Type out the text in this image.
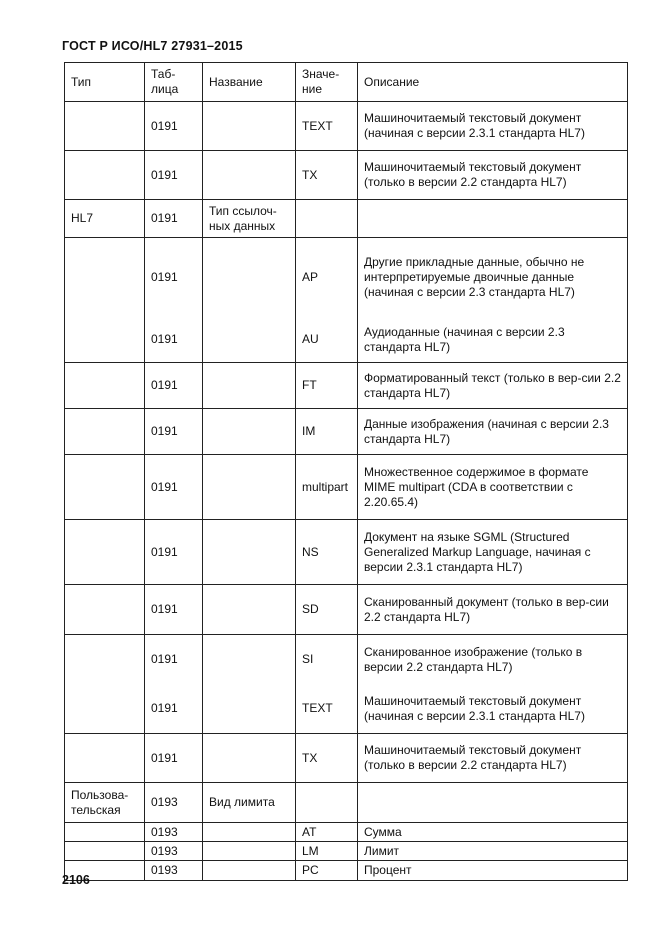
ГОСТ Р ИСО/HL7 27931–2015
Тип	Таб-лица	Название	Значе-ние	Описание
	0191		TEXT	Машиночитаемый текстовый документ (начиная с версии 2.3.1 стандарта HL7)
	0191		TX	Машиночитаемый текстовый документ (только в версии 2.2 стандарта HL7)
HL7	0191	Тип ссылоч-ных данных		
	0191		AP	Другие прикладные данные, обычно не интерпретируемые двоичные данные (начиная с версии 2.3 стандарта HL7)
	0191		AU	Аудиоданные (начиная с версии 2.3 стандарта HL7)
	0191		FT	Форматированный текст (только в вер-сии 2.2 стандарта HL7)
	0191		IM	Данные изображения (начиная с версии 2.3 стандарта HL7)
	0191		multipart	Множественное содержимое в формате MIME multipart (CDA в соответствии с 2.20.65.4)
	0191		NS	Документ на языке SGML (Structured Generalized Markup Language, начиная с версии 2.3.1 стандарта HL7)
	0191		SD	Сканированный документ (только в вер-сии 2.2 стандарта HL7)
	0191		SI	Сканированное изображение (только в версии 2.2 стандарта HL7)
	0191		TEXT	Машиночитаемый текстовый документ (начиная с версии 2.3.1 стандарта HL7)
	0191		TX	Машиночитаемый текстовый документ (только в версии 2.2 стандарта HL7)
Пользова-тельская	0193	Вид лимита		
	0193		AT	Сумма
	0193		LM	Лимит
	0193		PC	Процент
2106
